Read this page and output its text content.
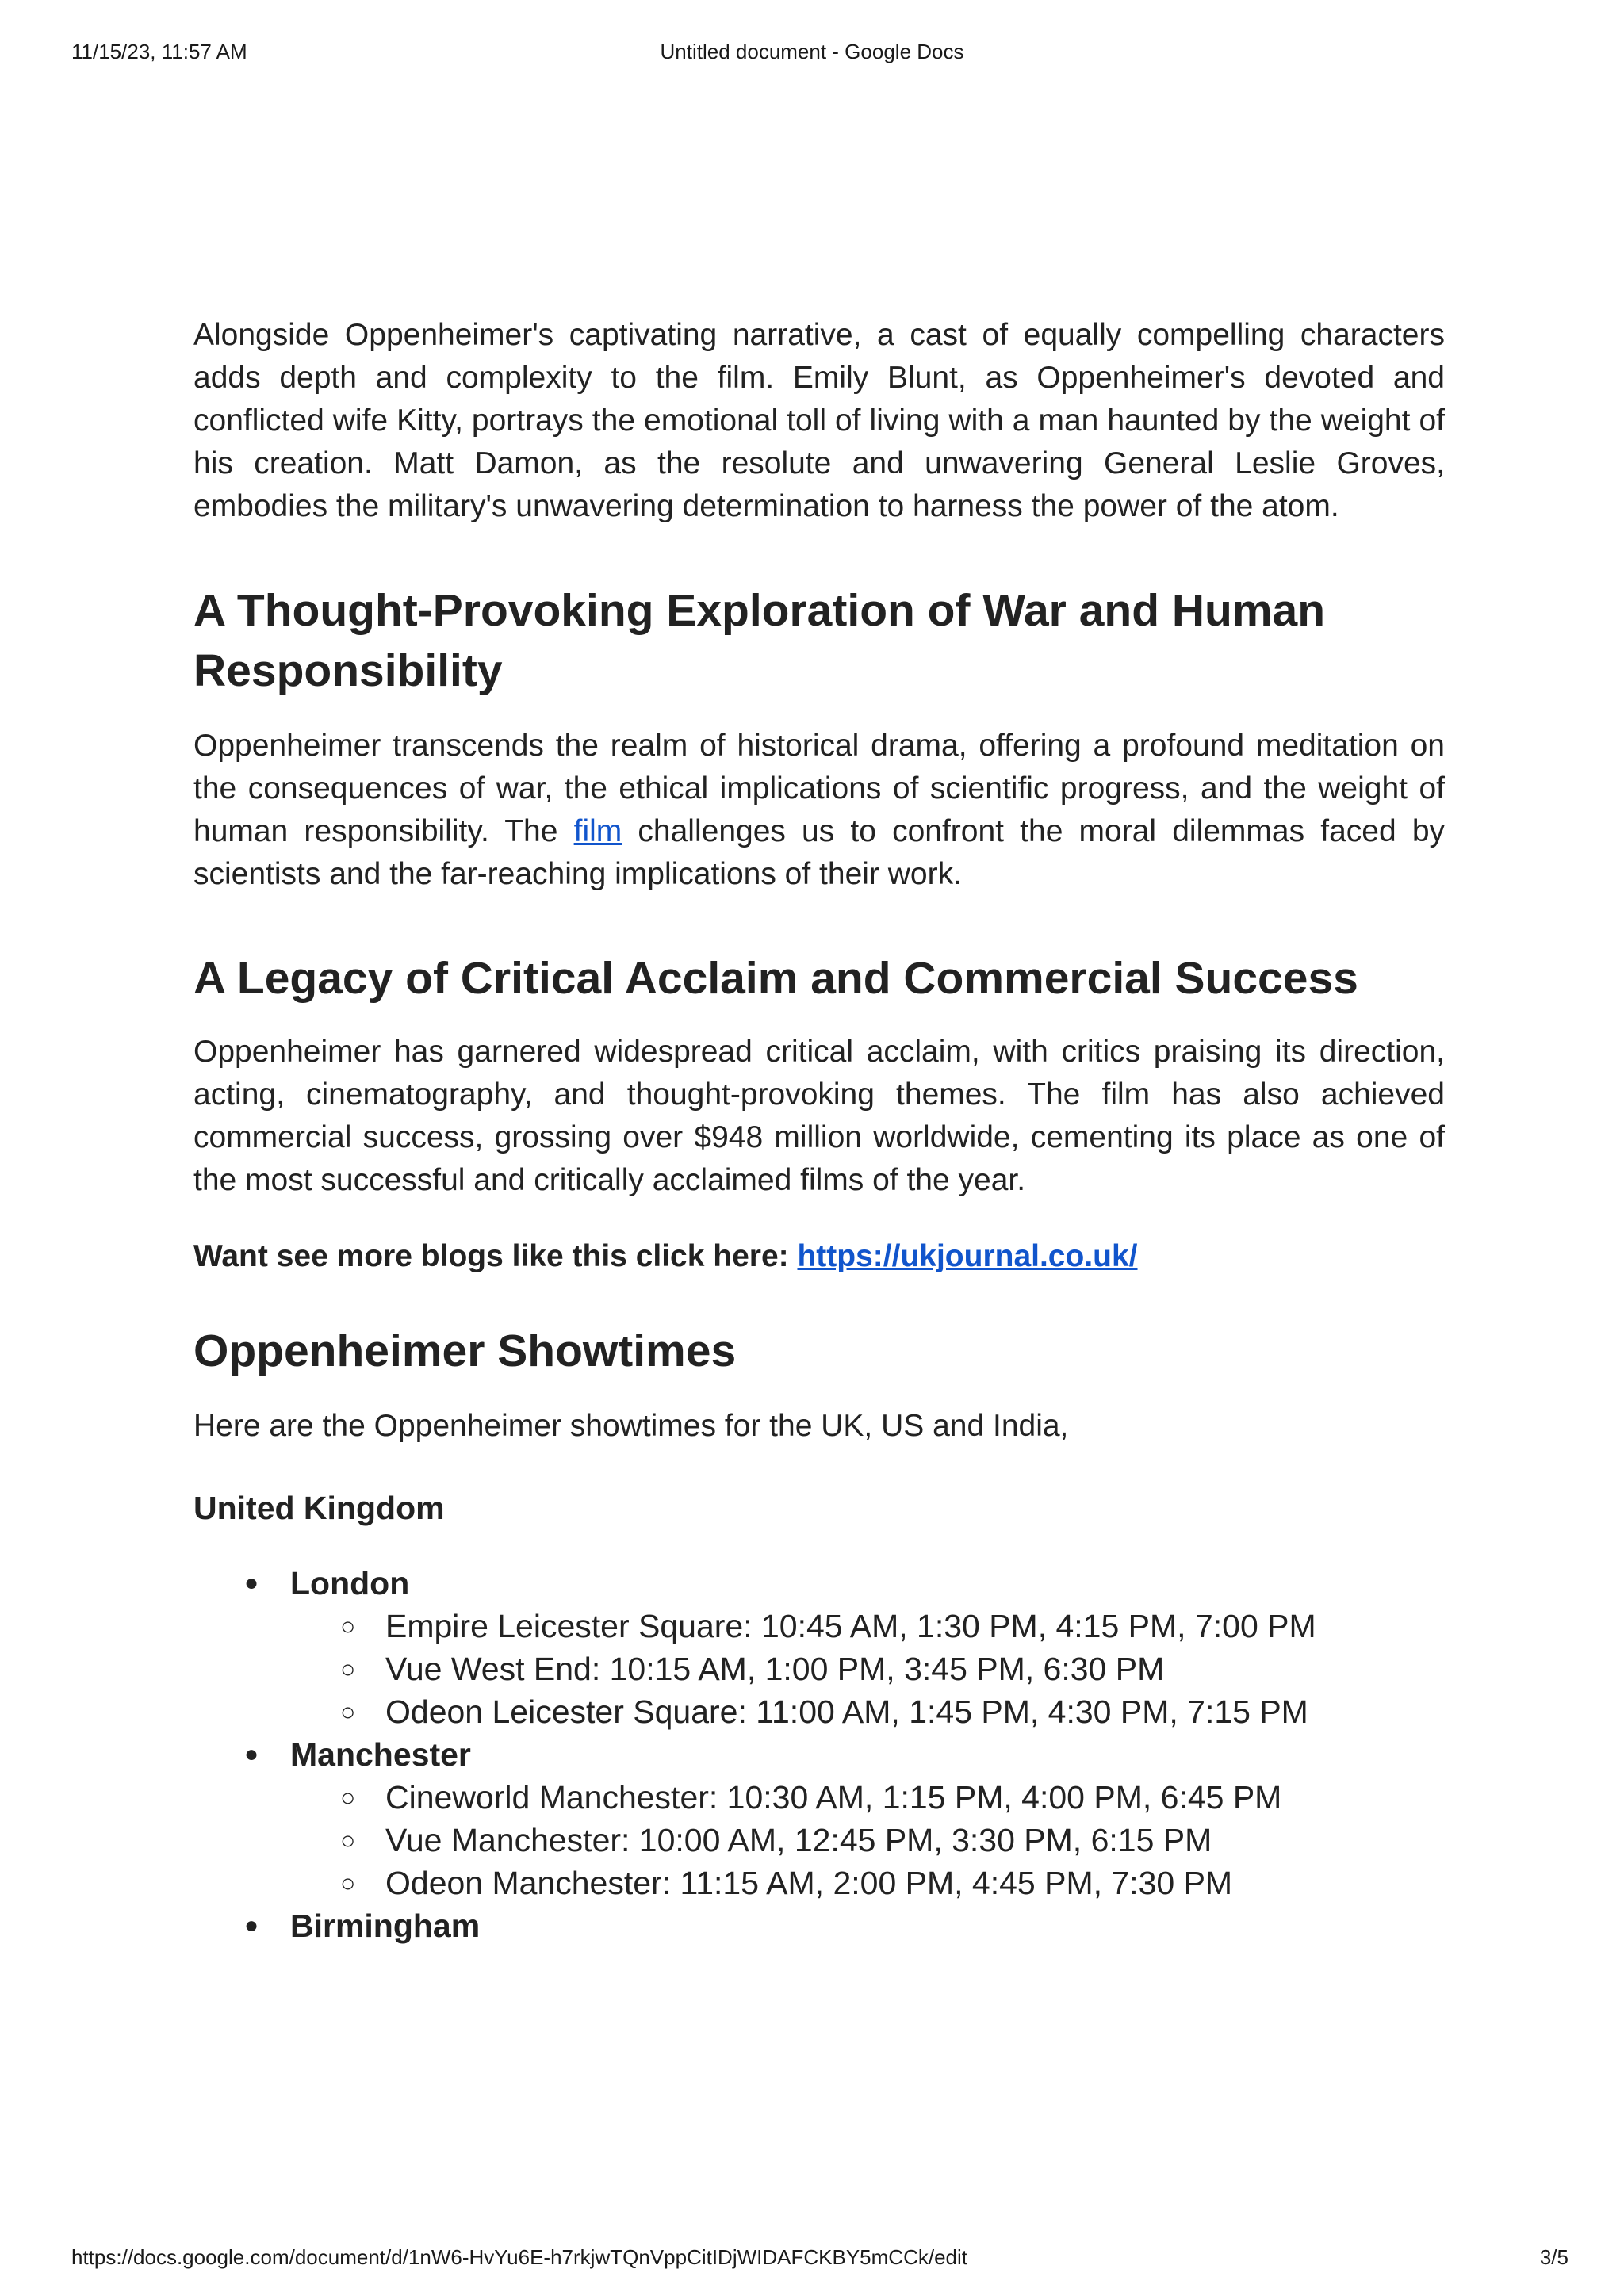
11/15/23, 11:57 AM	Untitled document - Google Docs

Alongside Oppenheimer's captivating narrative, a cast of equally compelling characters adds depth and complexity to the film. Emily Blunt, as Oppenheimer's devoted and conflicted wife Kitty, portrays the emotional toll of living with a man haunted by the weight of his creation. Matt Damon, as the resolute and unwavering General Leslie Groves, embodies the military's unwavering determination to harness the power of the atom.

A Thought-Provoking Exploration of War and Human Responsibility

Oppenheimer transcends the realm of historical drama, offering a profound meditation on the consequences of war, the ethical implications of scientific progress, and the weight of human responsibility. The film challenges us to confront the moral dilemmas faced by scientists and the far-reaching implications of their work.

A Legacy of Critical Acclaim and Commercial Success

Oppenheimer has garnered widespread critical acclaim, with critics praising its direction, acting, cinematography, and thought-provoking themes. The film has also achieved commercial success, grossing over $948 million worldwide, cementing its place as one of the most successful and critically acclaimed films of the year.

Want see more blogs like this click here: https://ukjournal.co.uk/

Oppenheimer Showtimes

Here are the Oppenheimer showtimes for the UK, US and India,

United Kingdom
● London
○ Empire Leicester Square: 10:45 AM, 1:30 PM, 4:15 PM, 7:00 PM
○ Vue West End: 10:15 AM, 1:00 PM, 3:45 PM, 6:30 PM
○ Odeon Leicester Square: 11:00 AM, 1:45 PM, 4:30 PM, 7:15 PM
● Manchester
○ Cineworld Manchester: 10:30 AM, 1:15 PM, 4:00 PM, 6:45 PM
○ Vue Manchester: 10:00 AM, 12:45 PM, 3:30 PM, 6:15 PM
○ Odeon Manchester: 11:15 AM, 2:00 PM, 4:45 PM, 7:30 PM
● Birmingham
https://docs.google.com/document/d/1nW6-HvYu6E-h7rkjwTQnVppCitIDjWIDAFCKBY5mCCk/edit	3/5
